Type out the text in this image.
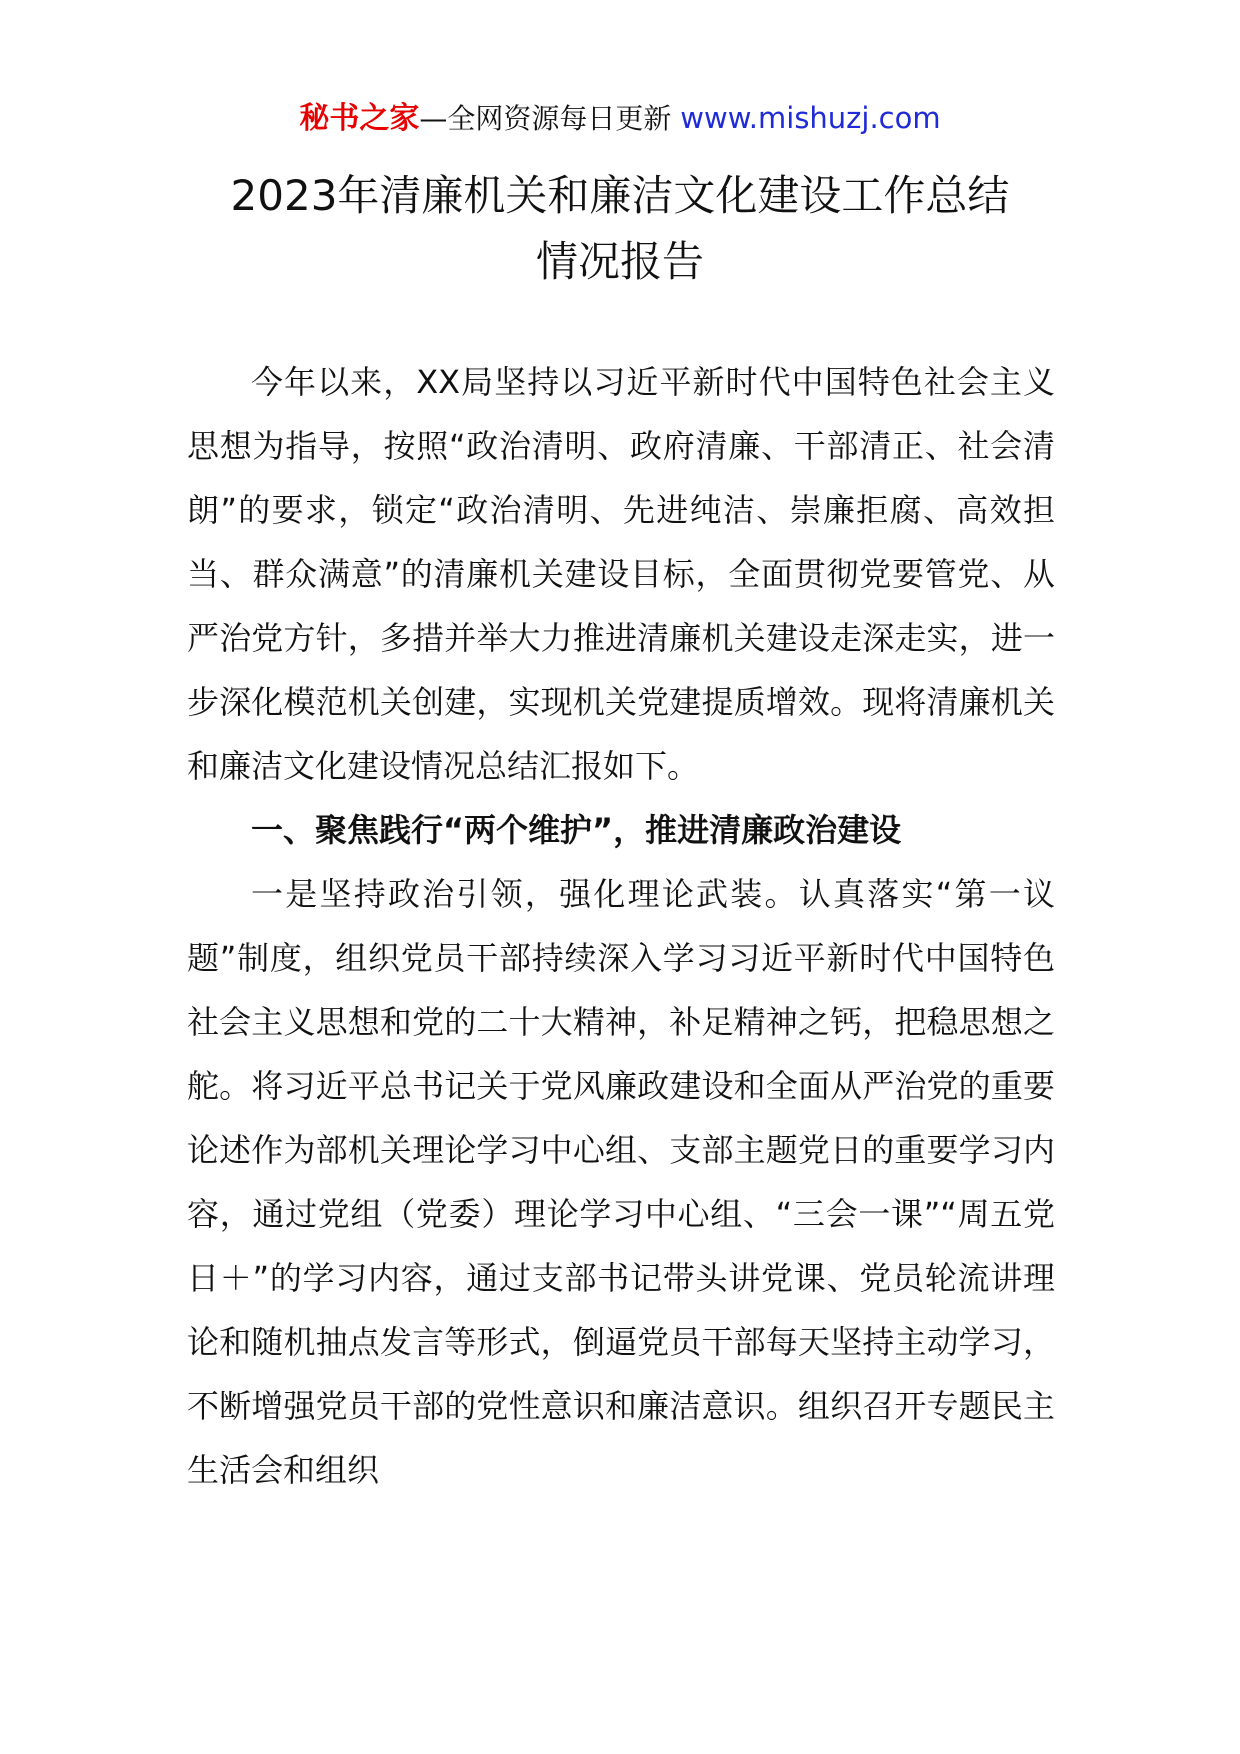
秘书之家—全网资源每日更新 www.mishuzj.com
2023年清廉机关和廉洁文化建设工作总结
情况报告

今年以来，XX局坚持以习近平新时代中国特色社会主义思想为指导，按照“政治清明、政府清廉、干部清正、社会清朗”的要求，锁定“政治清明、先进纯洁、崇廉拒腐、高效担当、群众满意”的清廉机关建设目标，全面贯彻党要管党、从严治党方针，多措并举大力推进清廉机关建设走深走实，进一步深化模范机关创建，实现机关党建提质增效。现将清廉机关和廉洁文化建设情况总结汇报如下。

一、聚焦践行“两个维护”，推进清廉政治建设

一是坚持政治引领，强化理论武装。认真落实“第一议题”制度，组织党员干部持续深入学习习近平新时代中国特色社会主义思想和党的二十大精神，补足精神之钙，把稳思想之舵。将习近平总书记关于党风廉政建设和全面从严治党的重要论述作为部机关理论学习中心组、支部主题党日的重要学习内容，通过党组（党委）理论学习中心组、“三会一课”“周五党日＋”的学习内容，通过支部书记带头讲党课、党员轮流讲理论和随机抽点发言等形式，倒逼党员干部每天坚持主动学习，不断增强党员干部的党性意识和廉洁意识。组织召开专题民主生活会和组织
